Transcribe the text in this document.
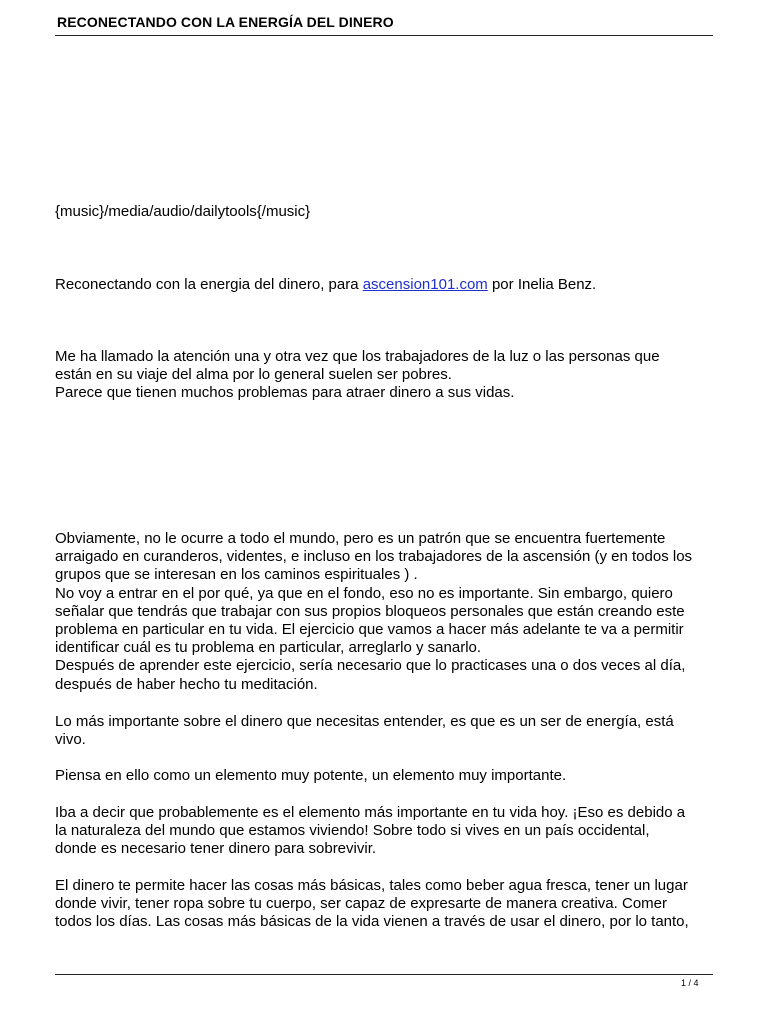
RECONECTANDO CON LA ENERGÍA DEL DINERO

{music}/media/audio/dailytools{/music}

Reconectando con la energia del dinero, para ascension101.com por Inelia Benz.

Me ha llamado la atención una y otra vez que los trabajadores de la luz o las personas que
están en su viaje del alma por lo general suelen ser pobres.
Parece que tienen muchos problemas para atraer dinero a sus vidas.

Obviamente, no le ocurre a todo el mundo, pero es un patrón que se encuentra fuertemente
arraigado en curanderos, videntes, e incluso en los trabajadores de la ascensión (y en todos los
grupos que se interesan en los caminos espirituales ) .
No voy a entrar en el por qué, ya que en el fondo, eso no es importante. Sin embargo, quiero
señalar que tendrás que trabajar con sus propios bloqueos personales que están creando este
problema en particular en tu vida. El ejercicio que vamos a hacer más adelante te va a permitir
identificar cuál es tu problema en particular, arreglarlo y sanarlo.
Después de aprender este ejercicio, sería necesario que lo practicases una o dos veces al día,
después de haber hecho tu meditación.

Lo más importante sobre el dinero que necesitas entender, es que es un ser de energía, está
vivo.

Piensa en ello como un elemento muy potente, un elemento muy importante.

Iba a decir que probablemente es el elemento más importante en tu vida hoy. ¡Eso es debido a
la naturaleza del mundo que estamos viviendo! Sobre todo si vives en un país occidental,
donde es necesario tener dinero para sobrevivir.

El dinero te permite hacer las cosas más básicas, tales como beber agua fresca, tener un lugar
donde vivir, tener ropa sobre tu cuerpo, ser capaz de expresarte de manera creativa. Comer
todos los días. Las cosas más básicas de la vida vienen a través de usar el dinero, por lo tanto,

1 / 4
